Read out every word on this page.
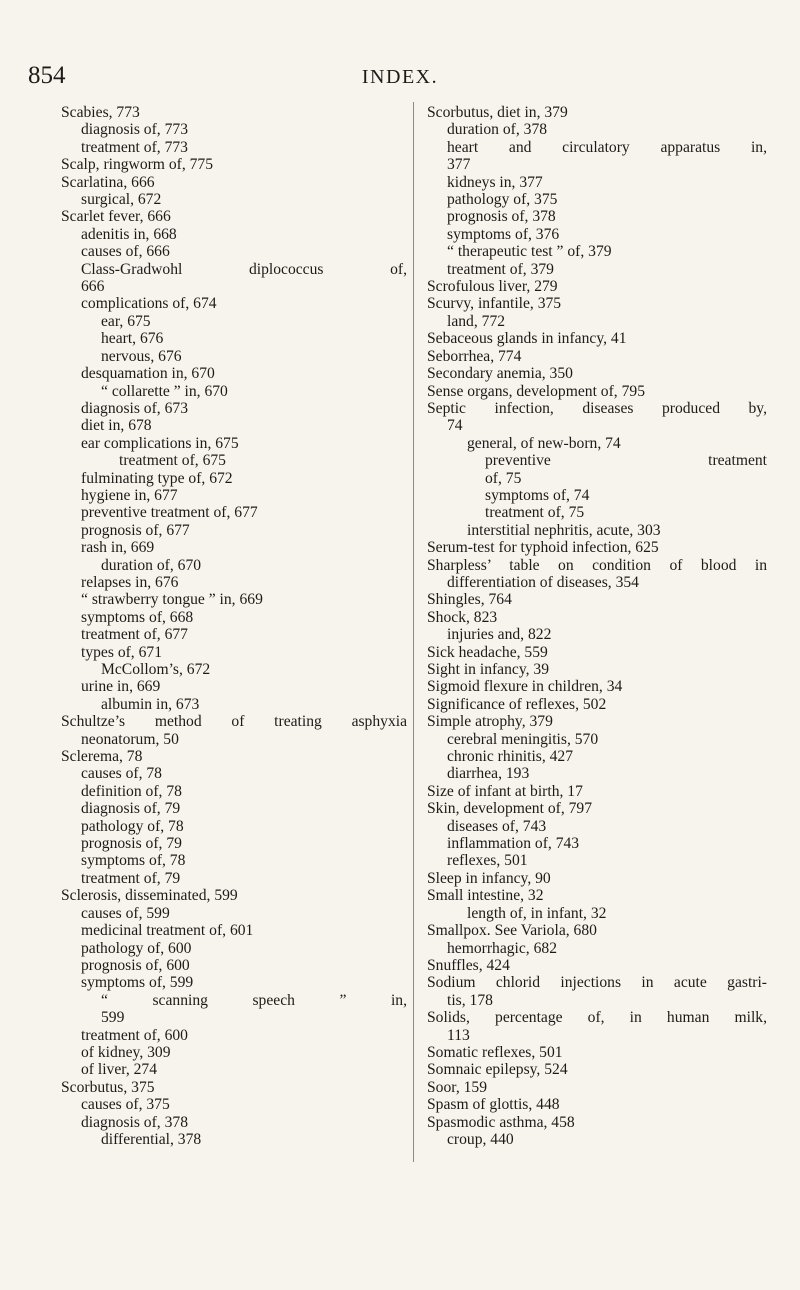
854	INDEX.
Scabies, 773
diagnosis of, 773
treatment of, 773
Scalp, ringworm of, 775
Scarlatina, 666
surgical, 672
Scarlet fever, 666
adenitis in, 668
causes of, 666
Class-Gradwohl diplococcus of,
666
complications of, 674
ear, 675
heart, 676
nervous, 676
desquamation in, 670
“ collarette ” in, 670
diagnosis of, 673
diet in, 678
ear complications in, 675
treatment of, 675
fulminating type of, 672
hygiene in, 677
preventive treatment of, 677
prognosis of, 677
rash in, 669
duration of, 670
relapses in, 676
“ strawberry tongue ” in, 669
symptoms of, 668
treatment of, 677
types of, 671
McCollom’s, 672
urine in, 669
albumin in, 673
Schultze’s method of treating asphyxia
neonatorum, 50
Sclerema, 78
causes of, 78
definition of, 78
diagnosis of, 79
pathology of, 78
prognosis of, 79
symptoms of, 78
treatment of, 79
Sclerosis, disseminated, 599
causes of, 599
medicinal treatment of, 601
pathology of, 600
prognosis of, 600
symptoms of, 599
“ scanning speech ” in,
599
treatment of, 600
of kidney, 309
of liver, 274
Scorbutus, 375
causes of, 375
diagnosis of, 378
differential, 378
Scorbutus, diet in, 379
duration of, 378
heart and circulatory apparatus in,
377
kidneys in, 377
pathology of, 375
prognosis of, 378
symptoms of, 376
“ therapeutic test ” of, 379
treatment of, 379
Scrofulous liver, 279
Scurvy, infantile, 375
land, 772
Sebaceous glands in infancy, 41
Seborrhea, 774
Secondary anemia, 350
Sense organs, development of, 795
Septic infection, diseases produced by,
74
general, of new-born, 74
preventive treatment
of, 75
symptoms of, 74
treatment of, 75
interstitial nephritis, acute, 303
Serum-test for typhoid infection, 625
Sharpless’ table on condition of blood in
differentiation of diseases, 354
Shingles, 764
Shock, 823
injuries and, 822
Sick headache, 559
Sight in infancy, 39
Sigmoid flexure in children, 34
Significance of reflexes, 502
Simple atrophy, 379
cerebral meningitis, 570
chronic rhinitis, 427
diarrhea, 193
Size of infant at birth, 17
Skin, development of, 797
diseases of, 743
inflammation of, 743
reflexes, 501
Sleep in infancy, 90
Small intestine, 32
length of, in infant, 32
Smallpox. See Variola, 680
hemorrhagic, 682
Snuffles, 424
Sodium chlorid injections in acute gastri-
tis, 178
Solids, percentage of, in human milk,
113
Somatic reflexes, 501
Somnaic epilepsy, 524
Soor, 159
Spasm of glottis, 448
Spasmodic asthma, 458
croup, 440
